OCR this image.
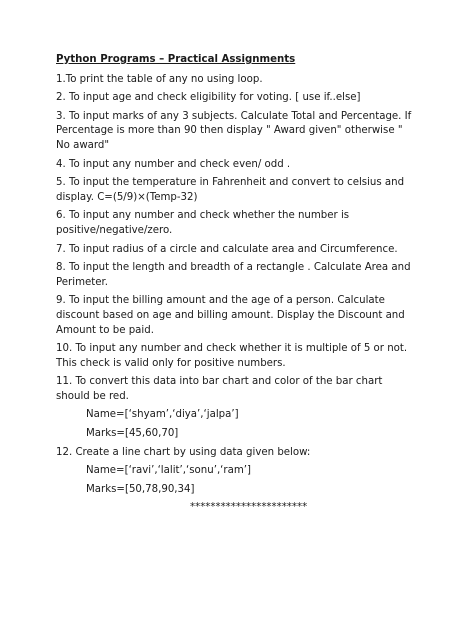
Python Programs – Practical Assignments
1.To print the table of any no using loop.
2. To input age and check eligibility for voting. [ use if..else]
3. To input marks of any 3 subjects. Calculate Total and Percentage. If Percentage is more than 90 then display " Award given" otherwise " No award"
4. To input any number and check even/ odd .
5. To input the temperature in Fahrenheit and convert to celsius and display. C=(5/9)×(Temp-32)
6. To input any number and check whether the number is positive/negative/zero.
7. To input radius of a circle and calculate area and Circumference.
8. To input the length and breadth of a rectangle . Calculate Area and Perimeter.
9. To input the billing amount and the age of a person. Calculate discount based on age and billing amount. Display the Discount and Amount to be paid.
10. To input any number and check whether it is multiple of 5 or not. This check is valid only for positive numbers.
11. To convert this data into bar chart and color of the bar chart should be red.
Name=[‘shyam’,‘diya’,‘jalpa’]
Marks=[45,60,70]
12. Create a line chart by using data given below:
Name=[‘ravi’,‘lalit’,‘sonu’,‘ram’]
Marks=[50,78,90,34]
***********************
